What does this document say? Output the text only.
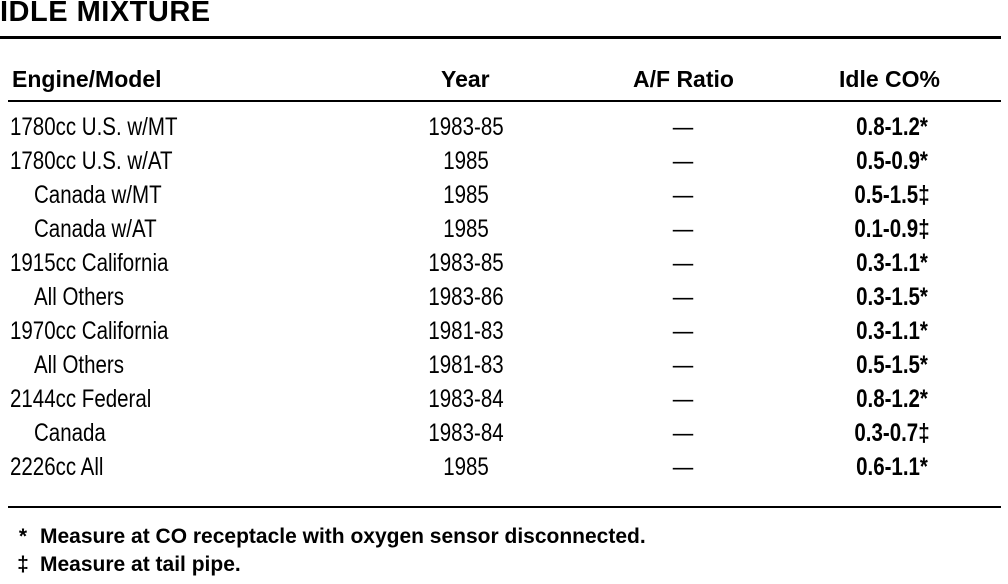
IDLE MIXTURE
Engine/Model	Year	A/F Ratio	Idle CO%
1780cc U.S. w/MT	1983-85	—	0.8-1.2*
1780cc U.S. w/AT	1985	—	0.5-0.9*
Canada w/MT	1985	—	0.5-1.5‡
Canada w/AT	1985	—	0.1-0.9‡
1915cc California	1983-85	—	0.3-1.1*
All Others	1983-86	—	0.3-1.5*
1970cc California	1981-83	—	0.3-1.1*
All Others	1981-83	—	0.5-1.5*
2144cc Federal	1983-84	—	0.8-1.2*
Canada	1983-84	—	0.3-0.7‡
2226cc All	1985	—	0.6-1.1*
* Measure at CO receptacle with oxygen sensor disconnected.
‡ Measure at tail pipe.
